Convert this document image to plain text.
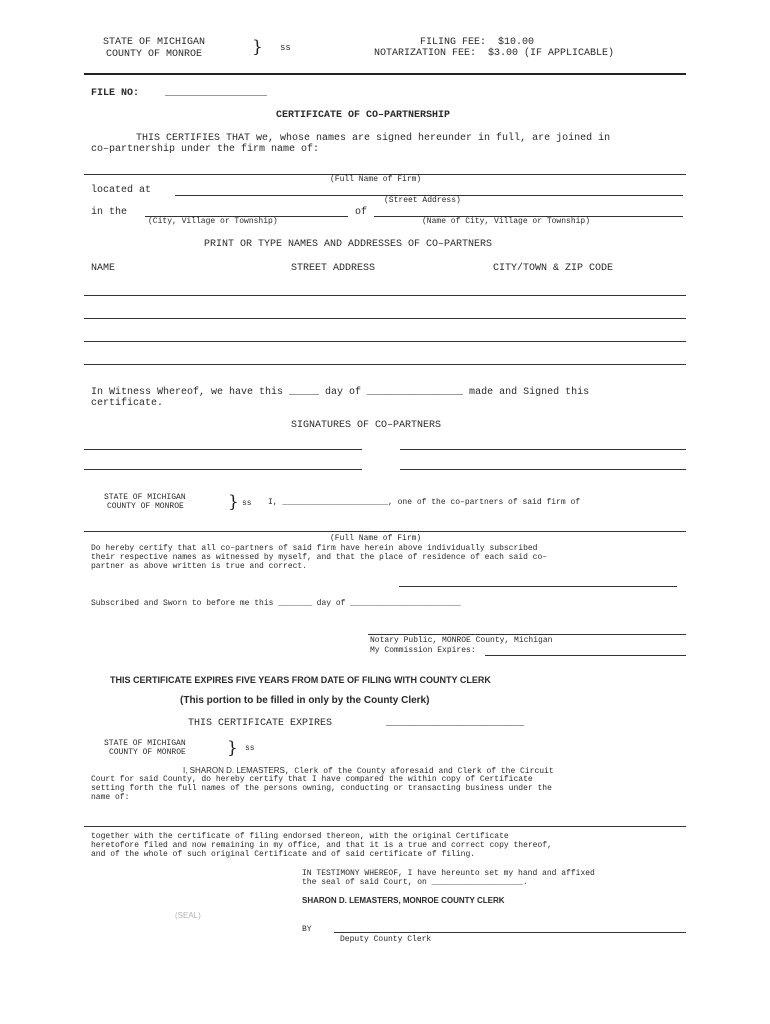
STATE OF MICHIGAN
COUNTY OF MONROE	} ss	FILING FEE:  $10.00
NOTARIZATION FEE:  $3.00 (IF APPLICABLE)
FILE NO:	_________________
CERTIFICATE OF CO–PARTNERSHIP
THIS CERTIFIES THAT we, whose names are signed hereunder in full, are joined in
co–partnership under the firm name of:
(Full Name of Firm)
located at
(Street Address)
in the	of
(City, Village or Township)	(Name of City, Village or Township)
PRINT OR TYPE NAMES AND ADDRESSES OF CO–PARTNERS
NAME	STREET ADDRESS	CITY/TOWN & ZIP CODE
In Witness Whereof, we have this _____ day of ________________ made and Signed this
certificate.
SIGNATURES OF CO–PARTNERS
STATE OF MICHIGAN
COUNTY OF MONROE	} ss I, ______________________, one of the co–partners of said firm of
(Full Name of Firm)
Do hereby certify that all co–partners of said firm have herein above individually subscribed
their respective names as witnessed by myself, and that the place of residence of each said co–
partner as above written is true and correct.
Subscribed and Sworn to before me this _______ day of _______________________
Notary Public, MONROE County, Michigan
My Commission Expires:
THIS CERTIFICATE EXPIRES FIVE YEARS FROM DATE OF FILING WITH COUNTY CLERK
(This portion to be filled in only by the County Clerk)
THIS CERTIFICATE EXPIRES	_______________________
STATE OF MICHIGAN
COUNTY OF MONROE } ss
I, SHARON D. LEMASTERS, Clerk of the County aforesaid and Clerk of the Circuit
Court for said County, do hereby certify that I have compared the within copy of Certificate
setting forth the full names of the persons owning, conducting or transacting business under the
name of:
together with the certificate of filing endorsed thereon, with the original Certificate
heretofore filed and now remaining in my office, and that it is a true and correct copy thereof,
and of the whole of such original Certificate and of said certificate of filing.
IN TESTIMONY WHEREOF, I have hereunto set my hand and affixed
the seal of said Court, on ___________________.
SHARON D. LEMASTERS, MONROE COUNTY CLERK
(SEAL)
BY
Deputy County Clerk
